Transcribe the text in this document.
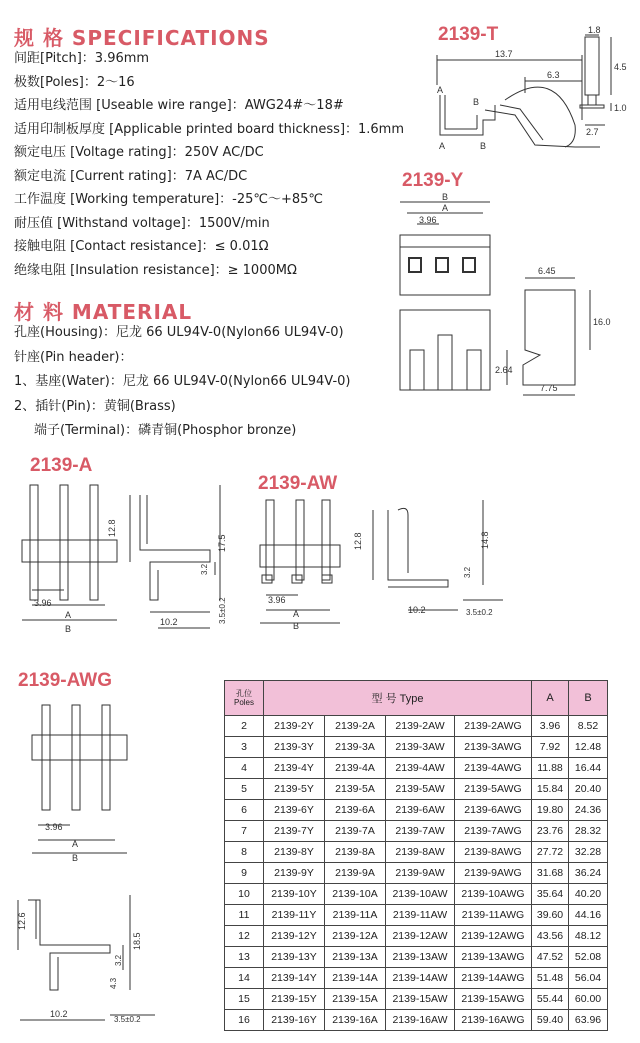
规 格 SPECIFICATIONS
间距[Pitch]：3.96mm
极数[Poles]：2～16
适用电线范围 [Useable wire range]：AWG24#～18#
适用印制板厚度 [Applicable printed board thickness]：1.6mm
额定电压 [Voltage rating]：250V AC/DC
额定电流 [Current rating]：7A AC/DC
工作温度 [Working temperature]：-25℃～+85℃
耐压值 [Withstand voltage]：1500V/min
接触电阻 [Contact resistance]：≤ 0.01Ω
绝缘电阻 [Insulation resistance]：≥ 1000MΩ
材 料 MATERIAL
孔座(Housing)：尼龙 66 UL94V-0(Nylon66 UL94V-0)
针座(Pin header)：
1、基座(Water)：尼龙 66 UL94V-0(Nylon66 UL94V-0)
2、插针(Pin)：黄铜(Brass)
端子(Terminal)：磷青铜(Phosphor bronze)
2139-T
13.7
6.3
1.8
4.5
1.0
2.7
A
B
A	B
2139-Y
B
A
3.96
6.45
16.0
2.64
7.75
2139-A
12.8
17.5
3.2
10.2	3.5±0.2
3.96
A
B
2139-AW
12.8	14.8
3.2
10.2	3.5±0.2
3.96
A
B
2139-AWG
3.96
A
B
12.6
18.5
3.2
4.3
10.2
3.5±0.2
孔位
Poles	型 号 Type				A	B
2	2139-2Y	2139-2A	2139-2AW	2139-2AWG	3.96	8.52
3	2139-3Y	2139-3A	2139-3AW	2139-3AWG	7.92	12.48
4	2139-4Y	2139-4A	2139-4AW	2139-4AWG	11.88	16.44
5	2139-5Y	2139-5A	2139-5AW	2139-5AWG	15.84	20.40
6	2139-6Y	2139-6A	2139-6AW	2139-6AWG	19.80	24.36
7	2139-7Y	2139-7A	2139-7AW	2139-7AWG	23.76	28.32
8	2139-8Y	2139-8A	2139-8AW	2139-8AWG	27.72	32.28
9	2139-9Y	2139-9A	2139-9AW	2139-9AWG	31.68	36.24
10	2139-10Y	2139-10A	2139-10AW	2139-10AWG	35.64	40.20
11	2139-11Y	2139-11A	2139-11AW	2139-11AWG	39.60	44.16
12	2139-12Y	2139-12A	2139-12AW	2139-12AWG	43.56	48.12
13	2139-13Y	2139-13A	2139-13AW	2139-13AWG	47.52	52.08
14	2139-14Y	2139-14A	2139-14AW	2139-14AWG	51.48	56.04
15	2139-15Y	2139-15A	2139-15AW	2139-15AWG	55.44	60.00
16	2139-16Y	2139-16A	2139-16AW	2139-16AWG	59.40	63.96
